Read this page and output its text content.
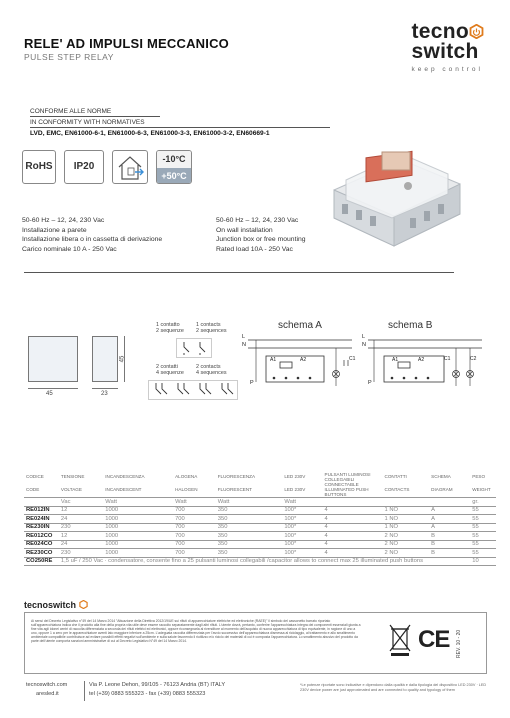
RELE' AD IMPULSI MECCANICO
PULSE STEP RELAY
tecno
switch
keep control
CONFORME ALLE NORME
IN CONFORMITY WITH NORMATIVES
LVD, EMC, EN61000-6-1, EN61000-6-3, EN61000-3-3, EN61000-3-2, EN60669-1
RoHS	IP20
-10°C
+50°C
50-60 Hz – 12, 24, 230 Vac
Installazione a parete
Installazione libera o in cassetta di derivazione
Carico nominale 10 A - 250 Vac
50-60 Hz – 12, 24, 230 Vac
On wall installation
Junction box or free mounting
Rated load 10A - 250 Vac
45	23
45
1 contatto
2 sequenze
1 contacts
2 sequences
2 contatti
4 sequenze
2 contacts
4 sequences
schema A
L
N
P
A1	A2	C1
schema B
L
N
P
A1	A2	C1	C2
CODICE	TENSIONE	INCANDESCENZA	ALOGENA	FLUORESCENZA	LED 230V	PULSANTI LUMINOSI COLLEGABILI	CONTATTI	SCHEMA	PESO
CODE	VOLTAGE	INCANDESCENT	HALOGEN	FLUORESCENT	LED 230V	CONNECTABLE ILLUMINATED PUSH BUTTONS	CONTACTS	DIAGRAM	WEIGHT
	Vac	Watt	Watt	Watt	Watt				gr.
RE012IN	12	1000	700	350	100*	4	1 NO	A	55
RE024IN	24	1000	700	350	100*	4	1 NO	A	55
RE230IN	230	1000	700	350	100*	4	1 NO	A	55
RE012CO	12	1000	700	350	100*	4	2 NO	B	55
RE024CO	24	1000	700	350	100*	4	2 NO	B	55
RE230CO	230	1000	700	350	100*	4	2 NO	B	55
CO250RE	1,5 uF / 250 Vac · condensatore, consente fino a 25 pulsanti luminosi collegabili /capacitor allows to connect max 25 illuminated push buttons								10
tecnoswitch
Ai sensi del Decreto Legislativo n°49 del 14 Marzo 2014 "Attuazione della Direttiva 2012/19/UE sui rifiuti di apparecchiature elettriche ed elettroniche (RAEE)" il simbolo del cassonetto barrato riportato sull'apparecchiatura indica che il prodotto alla fine della propria vita utile deve essere raccolto separatamente dagli altri rifiuti. L'utente dovrà, pertanto, conferire l'apparecchiatura integra dei componenti essenziali giunta a fine vita agli idonei centri di raccolta differenziata a seconda dei rifiuti elettrici ed elettronici, oppure riconsegnarla al rivenditore al momento dell'acquisto di nuova apparecchiatura di tipo equivalente, in ragione di uno a uno, oppure 1 a zero per le apparecchiature aventi lato maggiore inferiore a 25cm. L'adeguata raccolta differenziata per l'avvio successivo dell'apparecchiatura dismessa al riciclaggio, al trattamento e allo smaltimento ambientale compatibile contribuisce ad evitare possibili effetti negativi sull'ambiente e sulla salute favorendo il riutilizzo e/o riciclo dei materiali di cui è composta l'apparecchiatura. Lo smaltimento abusivo del prodotto da parte dell'utente comporta sanzioni amministrative di cui al Decreto Legislativo N°49 del 14 Marzo 2014.	CE REV. 10 - 20
tecnoswitch.com
aresled.it
Via P. Leone Dehon, 99/105 - 76123 Andria (BT) ITALY
tel (+39) 0883 555323 - fax (+39) 0883 555323
*Le potenze riportate sono indicative e dipendono dalla qualità e dalla tipologia del dispositivo LED 230V · LED 230V device power are just approximated and are connected to quality and typology of them
